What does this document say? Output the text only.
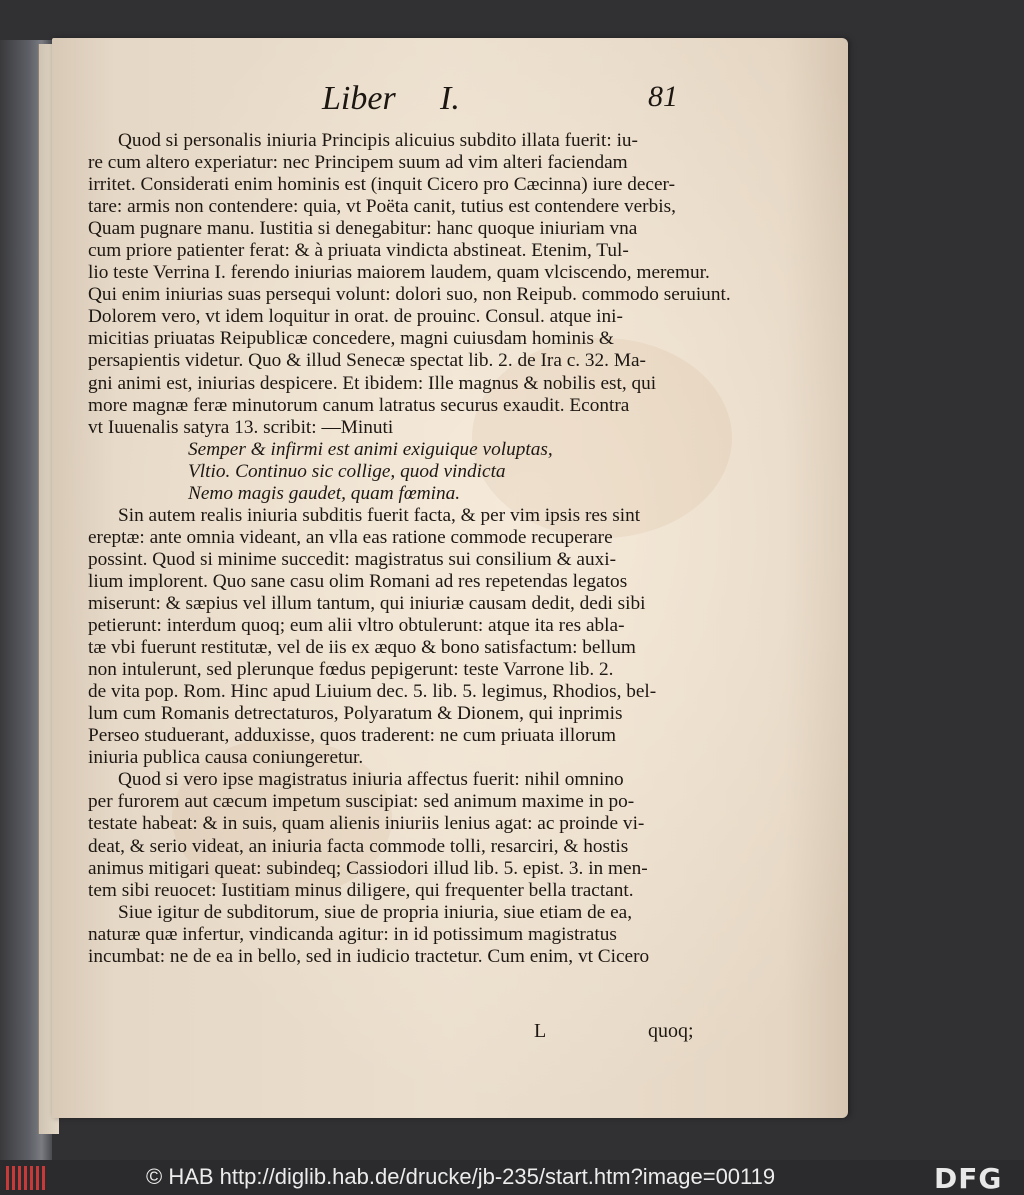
Liber I.	81
Quod si personalis iniuria Principis alicuius subdito illata fuerit: iu-
re cum altero experiatur: nec Principem suum ad vim alteri faciendam
irritet. Considerati enim hominis est (inquit Cicero pro Cæcinna) iure decer-
tare: armis non contendere: quia, vt Poëta canit, tutius est contendere verbis,
Quam pugnare manu. Iustitia si denegabitur: hanc quoque iniuriam vna
cum priore patienter ferat: & à priuata vindicta abstineat. Etenim, Tul-
lio teste Verrina I. ferendo iniurias maiorem laudem, quam vlciscendo, meremur.
Qui enim iniurias suas persequi volunt: dolori suo, non Reipub. commodo seruiunt.
Dolorem vero, vt idem loquitur in orat. de prouinc. Consul. atque ini-
micitias priuatas Reipublicæ concedere, magni cuiusdam hominis &
persapientis videtur. Quo & illud Senecæ spectat lib. 2. de Ira c. 32. Ma-
gni animi est, iniurias despicere. Et ibidem: Ille magnus & nobilis est, qui
more magnæ feræ minutorum canum latratus securus exaudit. Econtra
vt Iuuenalis satyra 13. scribit: —Minuti
Semper & infirmi est animi exiguique voluptas,
Vltio. Continuo sic collige, quod vindicta
Nemo magis gaudet, quam fœmina.
Sin autem realis iniuria subditis fuerit facta, & per vim ipsis res sint
ereptæ: ante omnia videant, an vlla eas ratione commode recuperare
possint. Quod si minime succedit: magistratus sui consilium & auxi-
lium implorent. Quo sane casu olim Romani ad res repetendas legatos
miserunt: & sæpius vel illum tantum, qui iniuriæ causam dedit, dedi sibi
petierunt: interdum quoq; eum alii vltro obtulerunt: atque ita res abla-
tæ vbi fuerunt restitutæ, vel de iis ex æquo & bono satisfactum: bellum
non intulerunt, sed plerunque fœdus pepigerunt: teste Varrone lib. 2.
de vita pop. Rom. Hinc apud Liuium dec. 5. lib. 5. legimus, Rhodios, bel-
lum cum Romanis detrectaturos, Polyaratum & Dionem, qui inprimis
Perseo studuerant, adduxisse, quos traderent: ne cum priuata illorum
iniuria publica causa coniungeretur.
Quod si vero ipse magistratus iniuria affectus fuerit: nihil omnino
per furorem aut cæcum impetum suscipiat: sed animum maxime in po-
testate habeat: & in suis, quam alienis iniuriis lenius agat: ac proinde vi-
deat, & serio videat, an iniuria facta commode tolli, resarciri, & hostis
animus mitigari queat: subindeq; Cassiodori illud lib. 5. epist. 3. in men-
tem sibi reuocet: Iustitiam minus diligere, qui frequenter bella tractant.
Siue igitur de subditorum, siue de propria iniuria, siue etiam de ea,
naturæ quæ infertur, vindicanda agitur: in id potissimum magistratus
incumbat: ne de ea in bello, sed in iudicio tractetur. Cum enim, vt Cicero
L	quoq;
© HAB http://diglib.hab.de/drucke/jb-235/start.htm?image=00119	DFG
